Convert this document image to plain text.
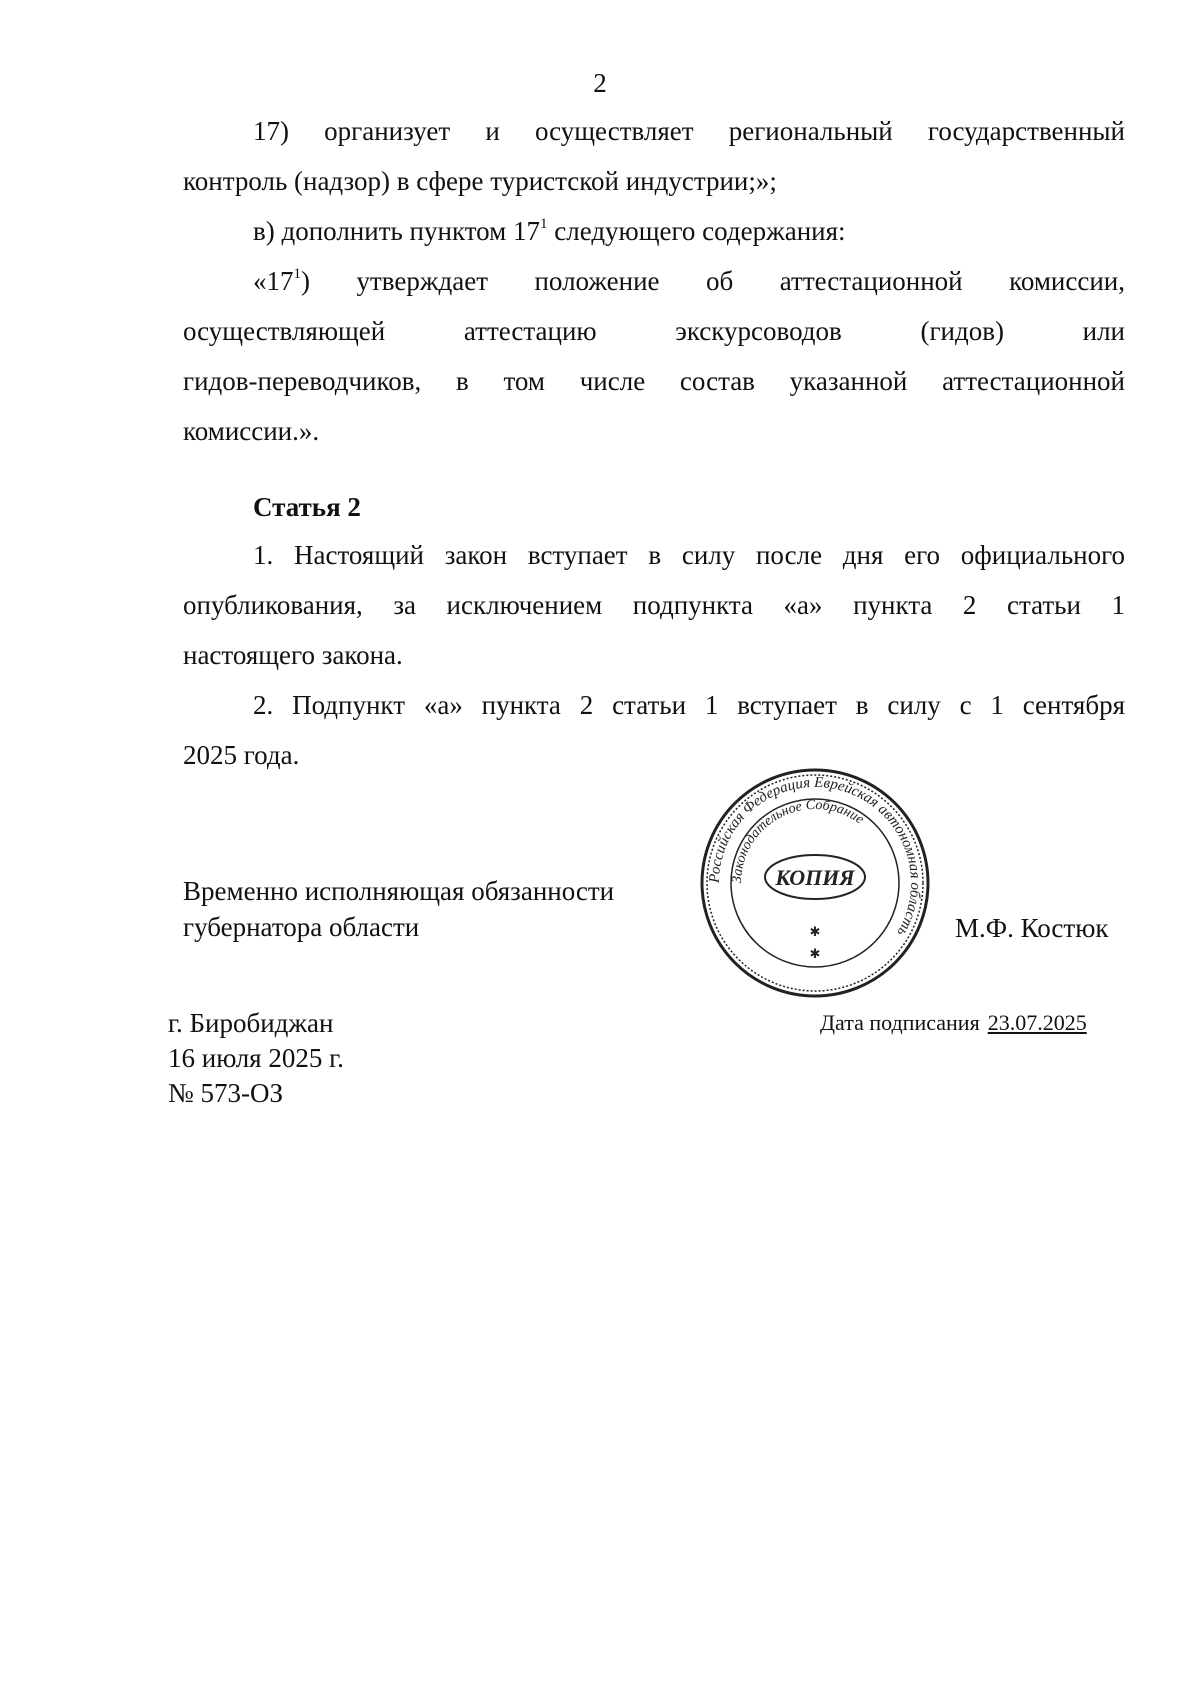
2

17) организует и осуществляет региональный государственный

контроль (надзор) в сфере туристской индустрии;»;

в) дополнить пунктом $17^1$ следующего содержания:

«$17^1$) утверждает положение об аттестационной комиссии,

осуществляющей аттестацию экскурсоводов (гидов) или

гидов-переводчиков, в том числе состав указанной аттестационной

комиссии.».

Статья 2

1. Настоящий закон вступает в силу после дня его официального

опубликования, за исключением подпункта «а» пункта 2 статьи 1

настоящего закона.

2. Подпункт «а» пункта 2 статьи 1 вступает в силу с 1 сентября

2025 года.

Временно исполняющая обязанности
губернатора области
Российская Федерация Еврейская автономная область
Законодательное Собрание
КОПИЯ
✱
✱
М.Ф. Костюк
г. Биробиджан
16 июля 2025 г.
№ 573-ОЗ
Дата подписания 23.07.2025
